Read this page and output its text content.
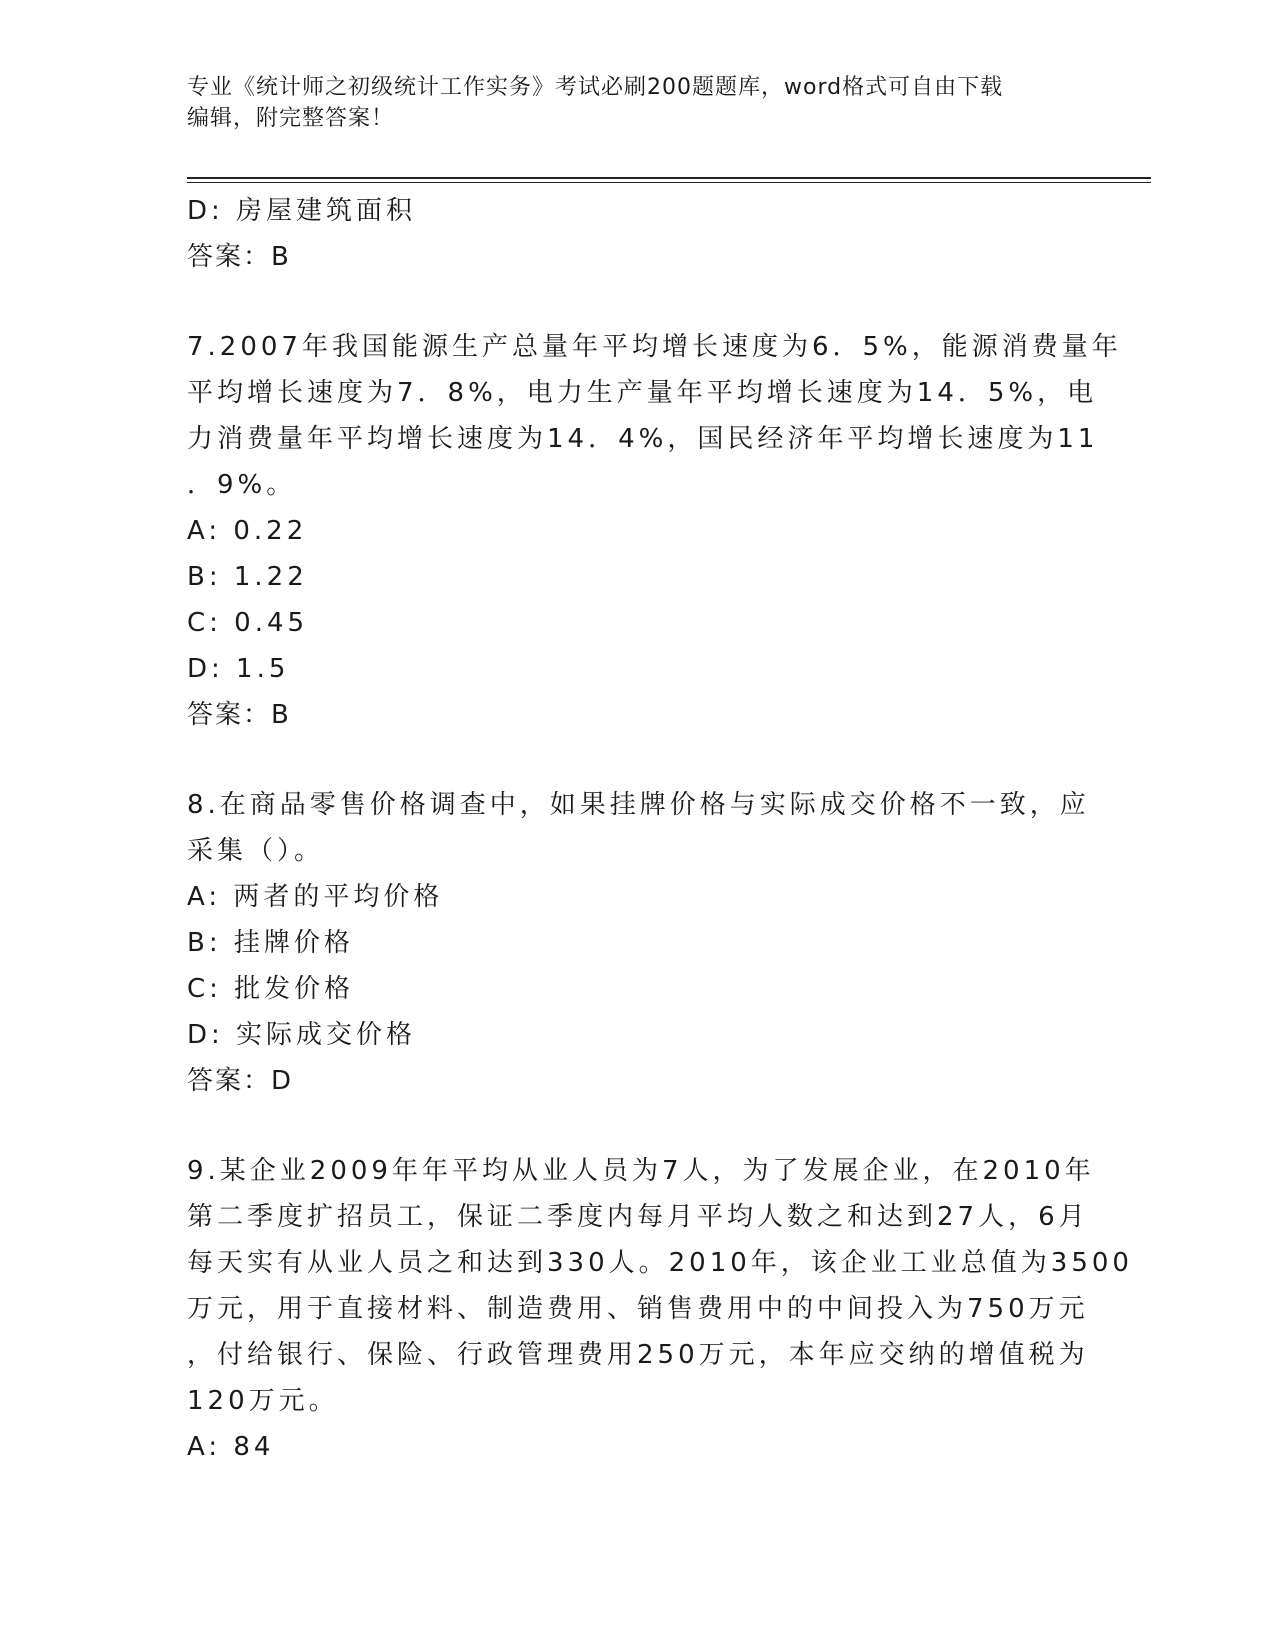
专业《统计师之初级统计工作实务》考试必刷200题题库，word格式可自由下载
编辑，附完整答案！
D: 房屋建筑面积
答案：B
7.2007年我国能源生产总量年平均增长速度为6．5%，能源消费量年
平均增长速度为7．8%，电力生产量年平均增长速度为14．5%，电
力消费量年平均增长速度为14．4%，国民经济年平均增长速度为11
．9%。
A: 0.22
B: 1.22
C: 0.45
D: 1.5
答案：B
8.在商品零售价格调查中，如果挂牌价格与实际成交价格不一致，应
采集（）。
A: 两者的平均价格
B: 挂牌价格
C: 批发价格
D: 实际成交价格
答案：D
9.某企业2009年年平均从业人员为7人，为了发展企业，在2010年
第二季度扩招员工，保证二季度内每月平均人数之和达到27人，6月
每天实有从业人员之和达到330人。2010年，该企业工业总值为3500
万元，用于直接材料、制造费用、销售费用中的中间投入为750万元
，付给银行、保险、行政管理费用250万元，本年应交纳的增值税为
120万元。
A: 84
